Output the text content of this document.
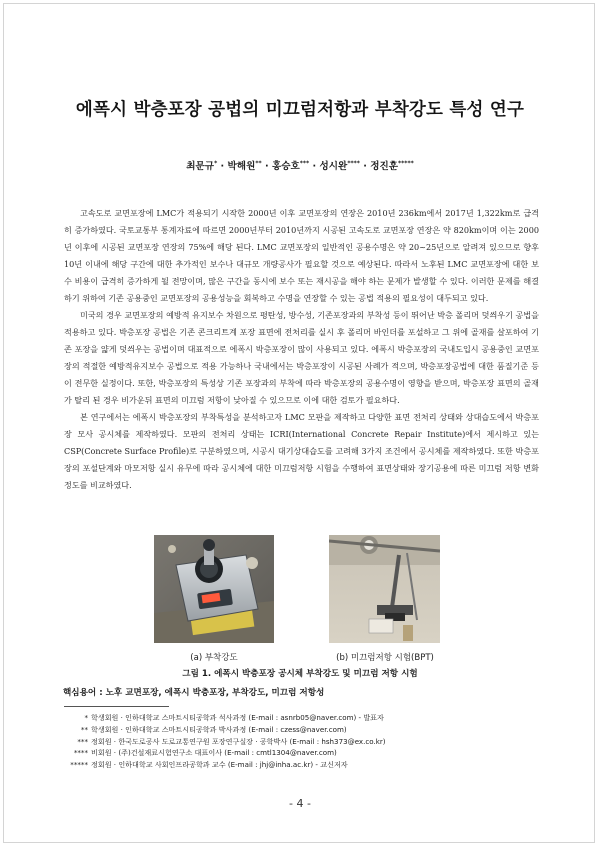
에폭시 박층포장 공법의 미끄럼저항과 부착강도 특성 연구
최문규* · 박해원** · 홍승호*** · 성시완**** · 정진훈*****

고속도로 교면포장에 LMC가 적용되기 시작한 2000년 이후 교면포장의 연장은 2010년 236km에서 2017년 1,322km로 급격히 증가하였다. 국토교통부 통계자료에 따르면 2000년부터 2010년까지 시공된 고속도로 교면포장 연장은 약 820km이며 이는 2000년 이후에 시공된 교면포장 연장의 75%에 해당 된다. LMC 교면포장의 일반적인 공용수명은 약 20~25년으로 알려져 있으므로 향후 10년 이내에 해당 구간에 대한 추가적인 보수나 대규모 개량공사가 필요할 것으로 예상된다. 따라서 노후된 LMC 교면포장에 대한 보수 비용이 급격히 증가하게 될 전망이며, 많은 구간을 동시에 보수 또는 재시공을 해야 하는 문제가 발생할 수 있다. 이러한 문제를 해결하기 위하여 기존 공용중인 교면포장의 공용성능을 회복하고 수명을 연장할 수 있는 공법 적용의 필요성이 대두되고 있다.

미국의 경우 교면포장의 예방적 유지보수 차원으로 평탄성, 방수성, 기존포장과의 부착성 등이 뛰어난 박층 폴리머 덧씌우기 공법을 적용하고 있다. 박층포장 공법은 기존 콘크리트계 포장 표면에 전처리를 실시 후 폴리머 바인더를 포설하고 그 위에 골재를 살포하여 기존 포장을 얇게 덧씌우는 공법이며 대표적으로 에폭시 박층포장이 많이 사용되고 있다. 에폭시 박층포장의 국내도입시 공용중인 교면포장의 적절한 예방적유지보수 공법으로 적용 가능하나 국내에서는 박층포장이 시공된 사례가 적으며, 박층포장공법에 대한 품질기준 등이 전무한 실정이다. 또한, 박층포장의 특성상 기존 포장과의 부착에 따라 박층포장의 공용수명이 영향을 받으며, 박층포장 표면의 골재가 탈리 된 경우 비가운뒤 표면의 미끄럼 저항이 낮아질 수 있으므로 이에 대한 검토가 필요하다.

본 연구에서는 에폭시 박층포장의 부착특성을 분석하고자 LMC 모판을 제작하고 다양한 표면 전처리 상태와 상대습도에서 박층포장 모사 공시체를 제작하였다. 모판의 전처리 상태는 ICRI(International Concrete Repair Institute)에서 제시하고 있는 CSP(Concrete Surface Profile)로 구분하였으며, 시공시 대기상대습도를 고려해 3가지 조건에서 공시체를 제작하였다. 또한 박층포장의 포설단계와 마모저항 실시 유무에 따라 공시체에 대한 미끄럼저항 시험을 수행하여 표면상태와 장기공용에 따른 미끄럼 저항 변화 정도를 비교하였다.

(a) 부착강도	(b) 미끄럼저항 시험(BPT)
그림 1. 에폭시 박층포장 공시체 부착강도 및 미끄럼 저항 시험
핵심용어 : 노후 교면포장, 에폭시 박층포장, 부착강도, 미끄럼 저항성
* 학생회원 · 인하대학교 스마트시티공학과 석사과정 (E-mail : asnrb05@naver.com) - 발표자
** 학생회원 · 인하대학교 스마트시티공학과 박사과정 (E-mail : czess@naver.com)
*** 정회원 · 한국도로공사 도로교통연구원 포장연구실장 · 공학박사 (E-mail : hsh373@ex.co.kr)
**** 비회원 · (주)건설재료시험연구소 대표이사 (E-mail : cmtl1304@naver.com)
***** 정회원 · 인하대학교 사회인프라공학과 교수 (E-mail : jhj@inha.ac.kr) - 교신저자
- 4 -
